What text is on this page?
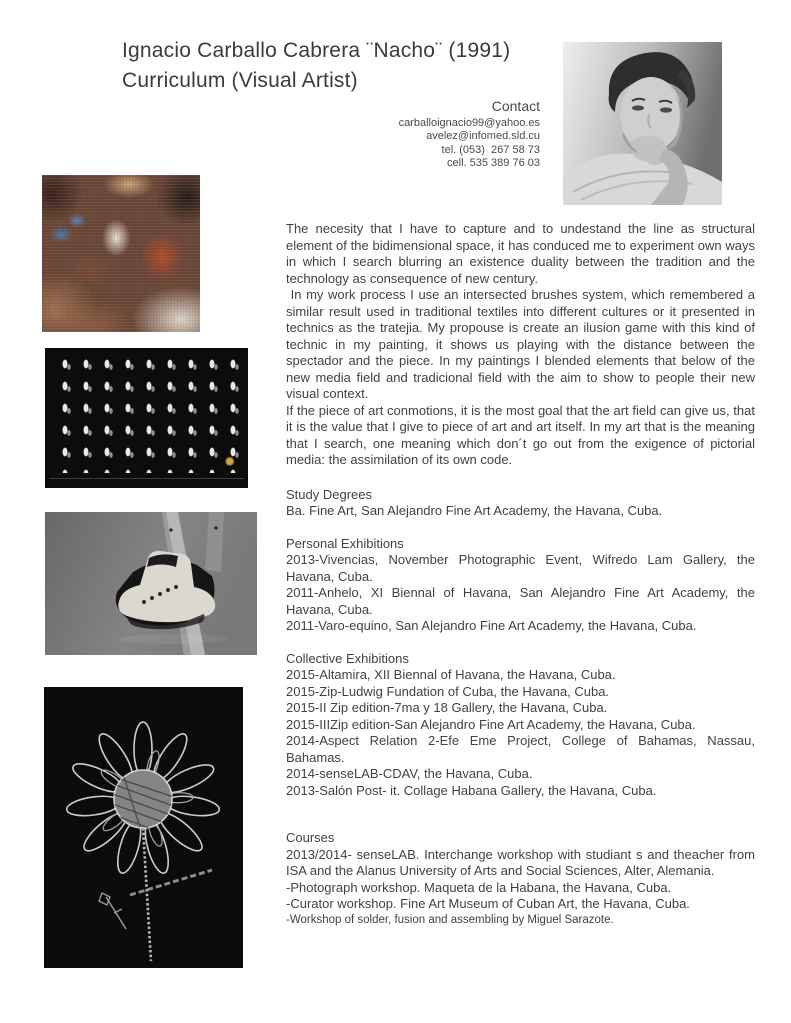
Ignacio Carballo Cabrera ¨Nacho¨ (1991)
Curriculum (Visual Artist)
Contact
carballoignacio99@yahoo.es
avelez@infomed.sld.cu
tel. (053)  267 58 73
cell. 535 389 76 03

The necesity that I have to capture and to undestand the line as structural element of the bidimensional space, it has conduced me to experiment own ways in which I search blurring an existence duality between the tradition and the technology as consequence of new century.

In my work process I use an intersected brushes system, which remembered a similar result used in traditional textiles into different cultures or it presented in technics as the tratejia. My propouse is create an ilusion game with this kind of technic in my painting, it shows us playing with the distance between the spectador and the piece. In my paintings I blended elements that below of the new media field and tradicional field with the aim to show to people their new visual context.

If the piece of art conmotions, it is the most goal that the art field can give us, that it is the value that I give to piece of art and art itself. In my art that is the meaning that I search, one meaning which don´t go out from the exigence of pictorial media: the assimilation of its own code.

Study Degrees

Ba. Fine Art, San Alejandro Fine Art Academy, the Havana, Cuba.

Personal Exhibitions

2013-Vivencias, November Photographic Event, Wifredo Lam Gallery, the Havana, Cuba.

2011-Anhelo, XI Biennal of Havana, San Alejandro Fine Art Academy, the Havana, Cuba.

2011-Varo-equino, San Alejandro Fine Art Academy, the Havana, Cuba.

Collective Exhibitions

2015-Altamira, XII Biennal of Havana, the Havana, Cuba.

2015-Zip-Ludwig Fundation of Cuba, the Havana, Cuba.

2015-II Zip edition-7ma y 18 Gallery, the Havana, Cuba.

2015-IIIZip edition-San Alejandro Fine Art Academy, the Havana, Cuba.

2014-Aspect Relation 2-Efe Eme Project, College of Bahamas, Nassau, Bahamas.

2014-senseLAB-CDAV, the Havana, Cuba.

2013-Salón Post- it. Collage Habana Gallery, the Havana, Cuba.

Courses

2013/2014- senseLAB. Interchange workshop with studiant s and theacher from ISA and the Alanus University of Arts and Social Sciences, Alter, Alemania.

-Photograph workshop. Maqueta de la Habana, the Havana, Cuba.

-Curator workshop. Fine Art Museum of Cuban Art, the Havana, Cuba.

-Workshop of solder, fusion and assembling by Miguel Sarazote.
